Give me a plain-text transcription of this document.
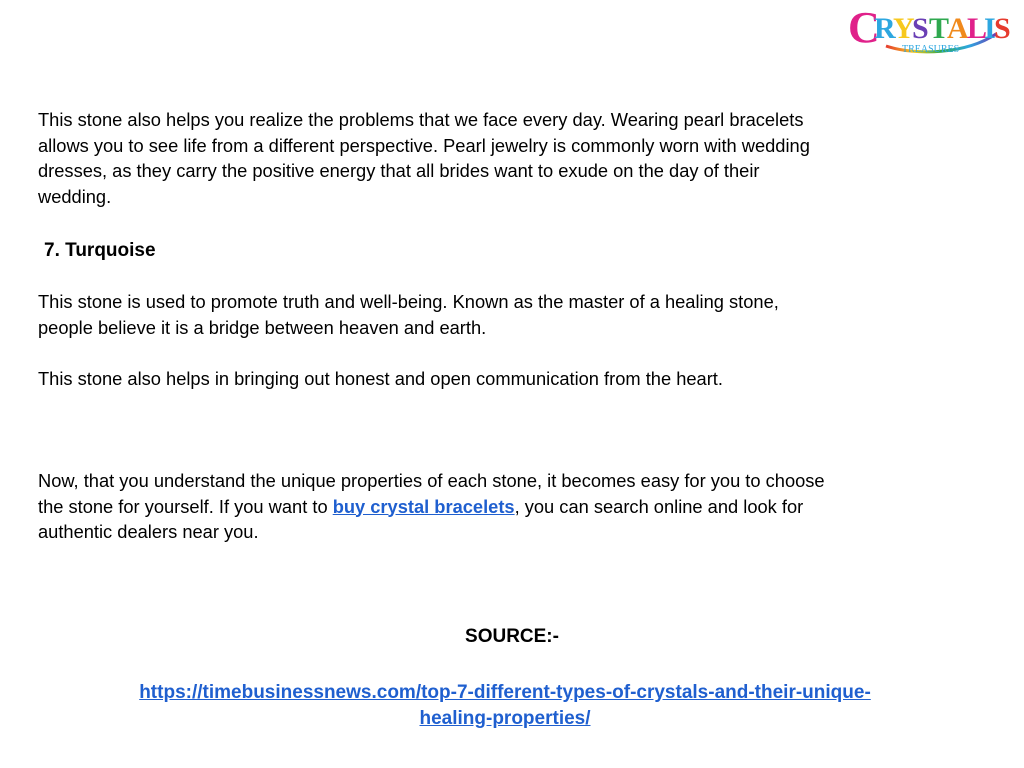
C
R
Y
S T
A
L
I
S
TREASURES

This stone also helps you realize the problems that we face every day. Wearing pearl bracelets
allows you to see life from a different perspective. Pearl jewelry is commonly worn with wedding
dresses, as they carry the positive energy that all brides want to exude on the day of their
wedding.

7. Turquoise

This stone is used to promote truth and well-being. Known as the master of a healing stone,
people believe it is a bridge between heaven and earth.

This stone also helps in bringing out honest and open communication from the heart.

Now, that you understand the unique properties of each stone, it becomes easy for you to choose
the stone for yourself. If you want to buy crystal bracelets, you can search online and look for
authentic dealers near you.

SOURCE:-

https://timebusinessnews.com/top-7-different-types-of-crystals-and-their-unique-
healing-properties/
